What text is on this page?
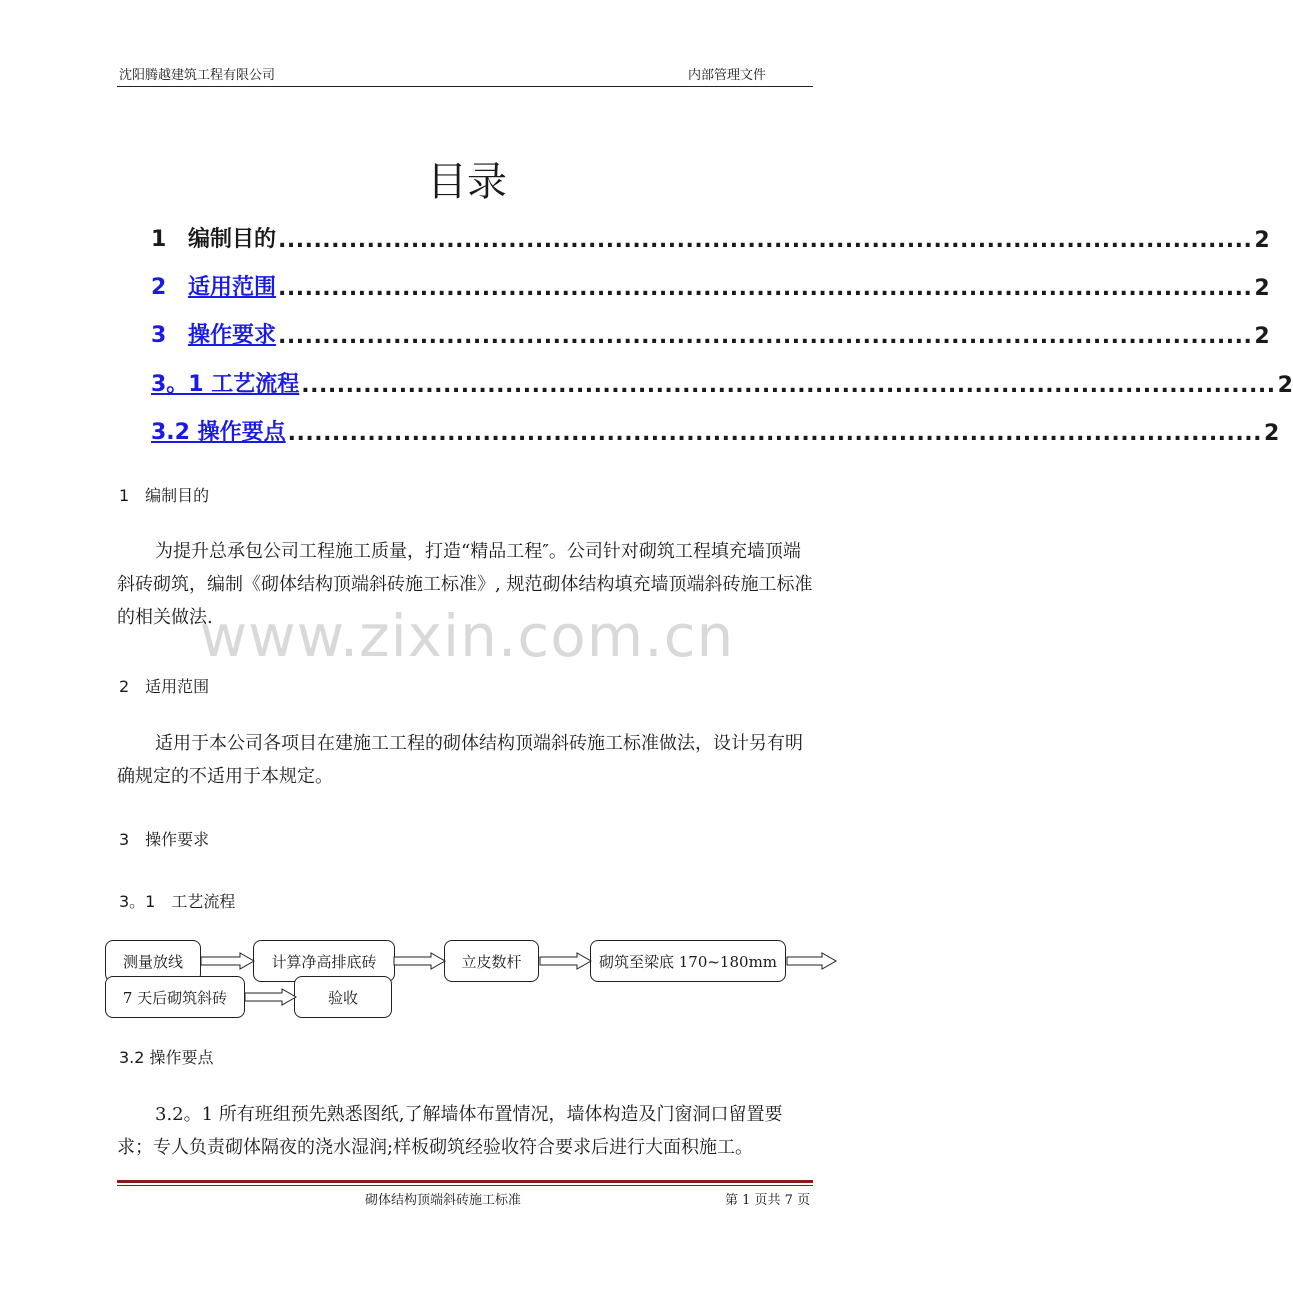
沈阳腾越建筑工程有限公司	内部管理文件
目录
1 编制目的 .............................................................................................................. 2
2 适用范围 .............................................................................................................. 2
3 操作要求 .............................................................................................................. 2
3。1 工艺流程 .............................................................................................................. 2
3.2 操作要点 .............................................................................................................. 2
1　编制目的
为提升总承包公司工程施工质量，打造“精品工程″。公司针对砌筑工程填充墙顶端斜砖砌筑，编制《砌体结构顶端斜砖施工标准》, 规范砌体结构填充墙顶端斜砖施工标准的相关做法.
www.zixin.com.cn
2　适用范围
适用于本公司各项目在建施工工程的砌体结构顶端斜砖施工标准做法，设计另有明确规定的不适用于本规定。
3　操作要求
3。1　工艺流程
测量放线	计算净高排底砖	立皮数杆	砌筑至梁底 170~180mm
7 天后砌筑斜砖	验收
3.2 操作要点
3.2。1 所有班组预先熟悉图纸,了解墙体布置情况，墙体构造及门窗洞口留置要求；专人负责砌体隔夜的浇水湿润;样板砌筑经验收符合要求后进行大面积施工。
砌体结构顶端斜砖施工标准	第 1 页共 7 页
